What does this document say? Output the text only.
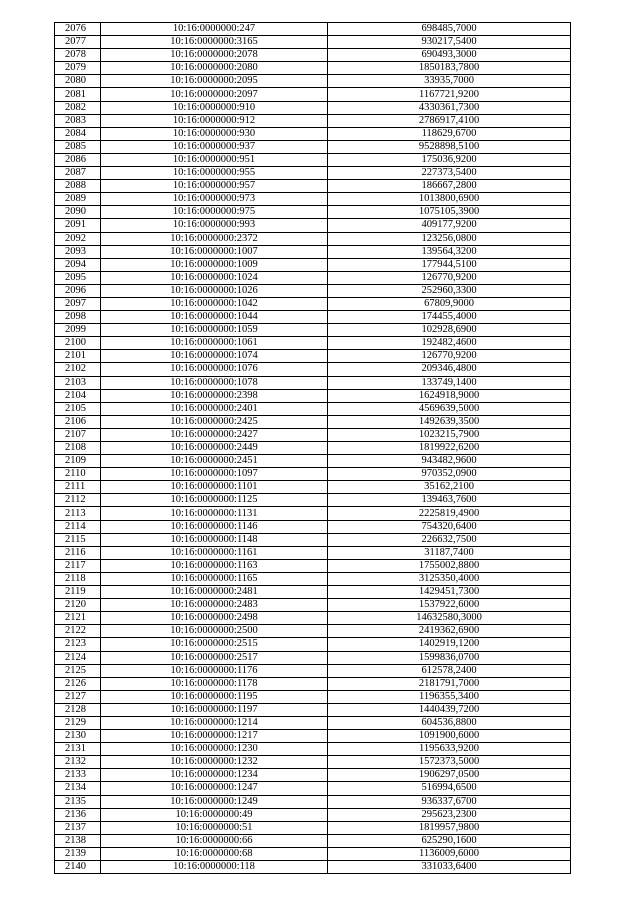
2076	10:16:0000000:247	698485,7000
2077	10:16:0000000:3165	930217,5400
2078	10:16:0000000:2078	690493,3000
2079	10:16:0000000:2080	1850183,7800
2080	10:16:0000000:2095	33935,7000
2081	10:16:0000000:2097	1167721,9200
2082	10:16:0000000:910	4330361,7300
2083	10:16:0000000:912	2786917,4100
2084	10:16:0000000:930	118629,6700
2085	10:16:0000000:937	9528898,5100
2086	10:16:0000000:951	175036,9200
2087	10:16:0000000:955	227373,5400
2088	10:16:0000000:957	186667,2800
2089	10:16:0000000:973	1013800,6900
2090	10:16:0000000:975	1075105,3900
2091	10:16:0000000:993	409177,9200
2092	10:16:0000000:2372	123256,0800
2093	10:16:0000000:1007	139564,3200
2094	10:16:0000000:1009	177944,5100
2095	10:16:0000000:1024	126770,9200
2096	10:16:0000000:1026	252960,3300
2097	10:16:0000000:1042	67809,9000
2098	10:16:0000000:1044	174455,4000
2099	10:16:0000000:1059	102928,6900
2100	10:16:0000000:1061	192482,4600
2101	10:16:0000000:1074	126770,9200
2102	10:16:0000000:1076	209346,4800
2103	10:16:0000000:1078	133749,1400
2104	10:16:0000000:2398	1624918,9000
2105	10:16:0000000:2401	4569639,5000
2106	10:16:0000000:2425	1492639,3500
2107	10:16:0000000:2427	1023215,7900
2108	10:16:0000000:2449	1819922,6200
2109	10:16:0000000:2451	943482,9600
2110	10:16:0000000:1097	970352,0900
2111	10:16:0000000:1101	35162,2100
2112	10:16:0000000:1125	139463,7600
2113	10:16:0000000:1131	2225819,4900
2114	10:16:0000000:1146	754320,6400
2115	10:16:0000000:1148	226632,7500
2116	10:16:0000000:1161	31187,7400
2117	10:16:0000000:1163	1755002,8800
2118	10:16:0000000:1165	3125350,4000
2119	10:16:0000000:2481	1429451,7300
2120	10:16:0000000:2483	1537922,6000
2121	10:16:0000000:2498	14632580,3000
2122	10:16:0000000:2500	2419362,6900
2123	10:16:0000000:2515	1402919,1200
2124	10:16:0000000:2517	1599836,0700
2125	10:16:0000000:1176	612578,2400
2126	10:16:0000000:1178	2181791,7000
2127	10:16:0000000:1195	1196355,3400
2128	10:16:0000000:1197	1440439,7200
2129	10:16:0000000:1214	604536,8800
2130	10:16:0000000:1217	1091900,6000
2131	10:16:0000000:1230	1195633,9200
2132	10:16:0000000:1232	1572373,5000
2133	10:16:0000000:1234	1906297,0500
2134	10:16:0000000:1247	516994,6500
2135	10:16:0000000:1249	936337,6700
2136	10:16:0000000:49	295623,2300
2137	10:16:0000000:51	1819957,9800
2138	10:16:0000000:66	625290,1600
2139	10:16:0000000:68	1136009,6000
2140	10:16:0000000:118	331033,6400
